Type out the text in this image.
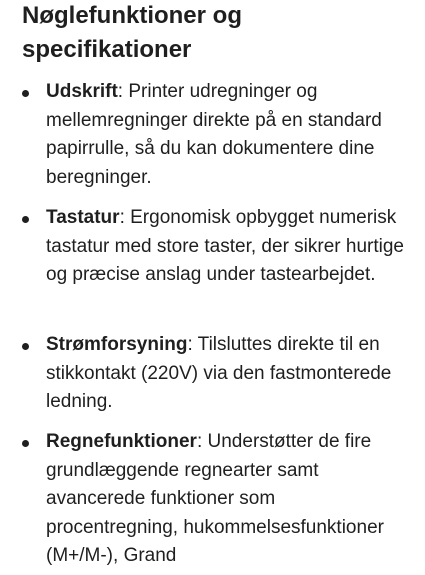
Nøglefunktioner og specifikationer

Udskrift: Printer udregninger og mellemregninger direkte på en standard papirrulle, så du kan dokumentere dine beregninger.

Tastatur: Ergonomisk opbygget numerisk tastatur med store taster, der sikrer hurtige og præcise anslag under tastearbejdet.

Strømforsyning: Tilsluttes direkte til en stikkontakt (220V) via den fastmonterede ledning.

Regnefunktioner: Understøtter de fire grundlæggende regnearter samt avancerede funktioner som procentregning, hukommelsesfunktioner (M+/M-), Grand
